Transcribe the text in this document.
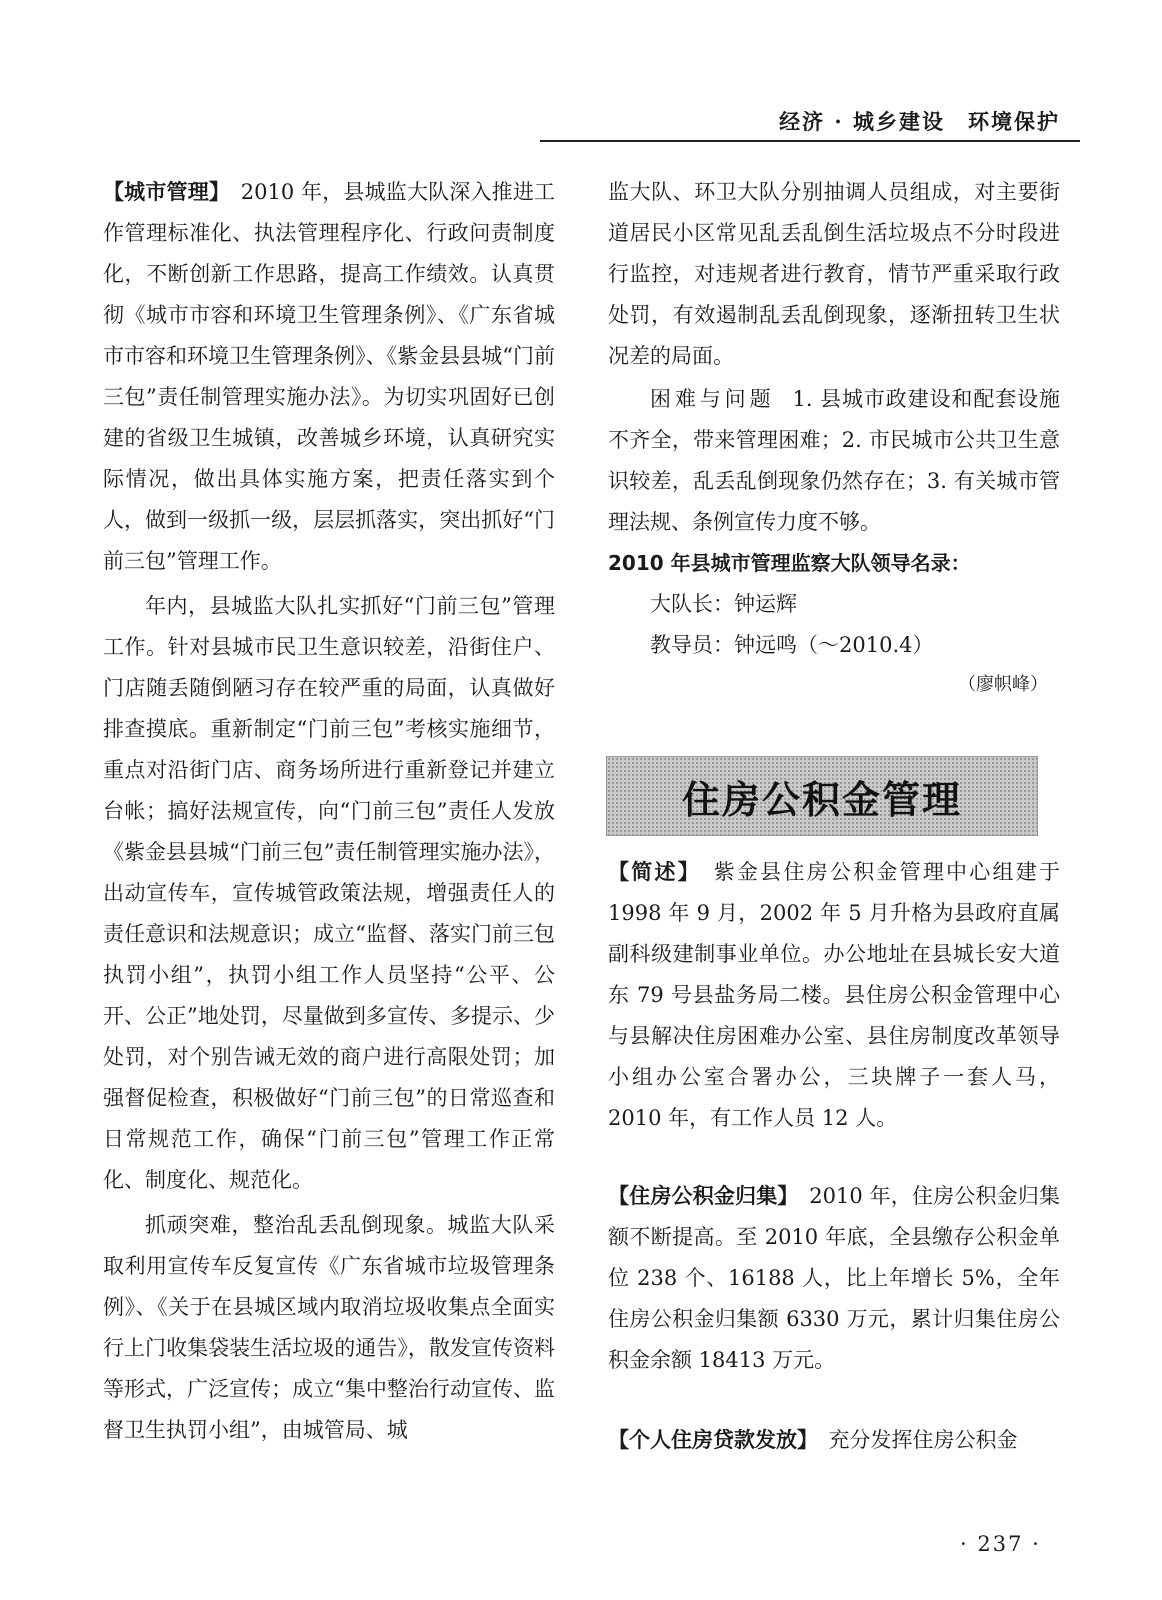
经济 · 城乡建设　环境保护

【城市管理】　2010 年，县城监大队深入推进工作管理标准化、执法管理程序化、行政问责制度化，不断创新工作思路，提高工作绩效。认真贯彻《城市市容和环境卫生管理条例》、《广东省城市市容和环境卫生管理条例》、《紫金县县城“门前三包”责任制管理实施办法》。为切实巩固好已创建的省级卫生城镇，改善城乡环境，认真研究实际情况，做出具体实施方案，把责任落实到个人，做到一级抓一级，层层抓落实，突出抓好“门前三包”管理工作。

年内，县城监大队扎实抓好“门前三包”管理工作。针对县城市民卫生意识较差，沿街住户、门店随丢随倒陋习存在较严重的局面，认真做好排查摸底。重新制定“门前三包”考核实施细节，重点对沿街门店、商务场所进行重新登记并建立台帐；搞好法规宣传，向“门前三包”责任人发放《紫金县县城“门前三包”责任制管理实施办法》，出动宣传车，宣传城管政策法规，增强责任人的责任意识和法规意识；成立“监督、落实门前三包执罚小组”，执罚小组工作人员坚持“公平、公开、公正”地处罚，尽量做到多宣传、多提示、少处罚，对个别告诫无效的商户进行高限处罚；加强督促检查，积极做好“门前三包”的日常巡查和日常规范工作，确保“门前三包”管理工作正常化、制度化、规范化。

抓顽突难，整治乱丢乱倒现象。城监大队采取利用宣传车反复宣传《广东省城市垃圾管理条例》、《关于在县城区域内取消垃圾收集点全面实行上门收集袋装生活垃圾的通告》，散发宣传资料等形式，广泛宣传；成立“集中整治行动宣传、监督卫生执罚小组”，由城管局、城

监大队、环卫大队分别抽调人员组成，对主要街道居民小区常见乱丢乱倒生活垃圾点不分时段进行监控，对违规者进行教育，情节严重采取行政处罚，有效遏制乱丢乱倒现象，逐渐扭转卫生状况差的局面。

困难与问题 1. 县城市政建设和配套设施不齐全，带来管理困难；2. 市民城市公共卫生意识较差，乱丢乱倒现象仍然存在；3. 有关城市管理法规、条例宣传力度不够。

2010 年县城市管理监察大队领导名录：

大队长：钟运辉

教导员：钟远鸣（～2010.4）

（廖帜峰）

住房公积金管理

【简述】　紫金县住房公积金管理中心组建于 1998 年 9 月，2002 年 5 月升格为县政府直属副科级建制事业单位。办公地址在县城长安大道东 79 号县盐务局二楼。县住房公积金管理中心与县解决住房困难办公室、县住房制度改革领导小组办公室合署办公，三块牌子一套人马，2010 年，有工作人员 12 人。

【住房公积金归集】　2010 年，住房公积金归集额不断提高。至 2010 年底，全县缴存公积金单位 238 个、16188 人，比上年增长 5%，全年住房公积金归集额 6330 万元，累计归集住房公积金余额 18413 万元。

【个人住房贷款发放】　充分发挥住房公积金

· 237 ·
